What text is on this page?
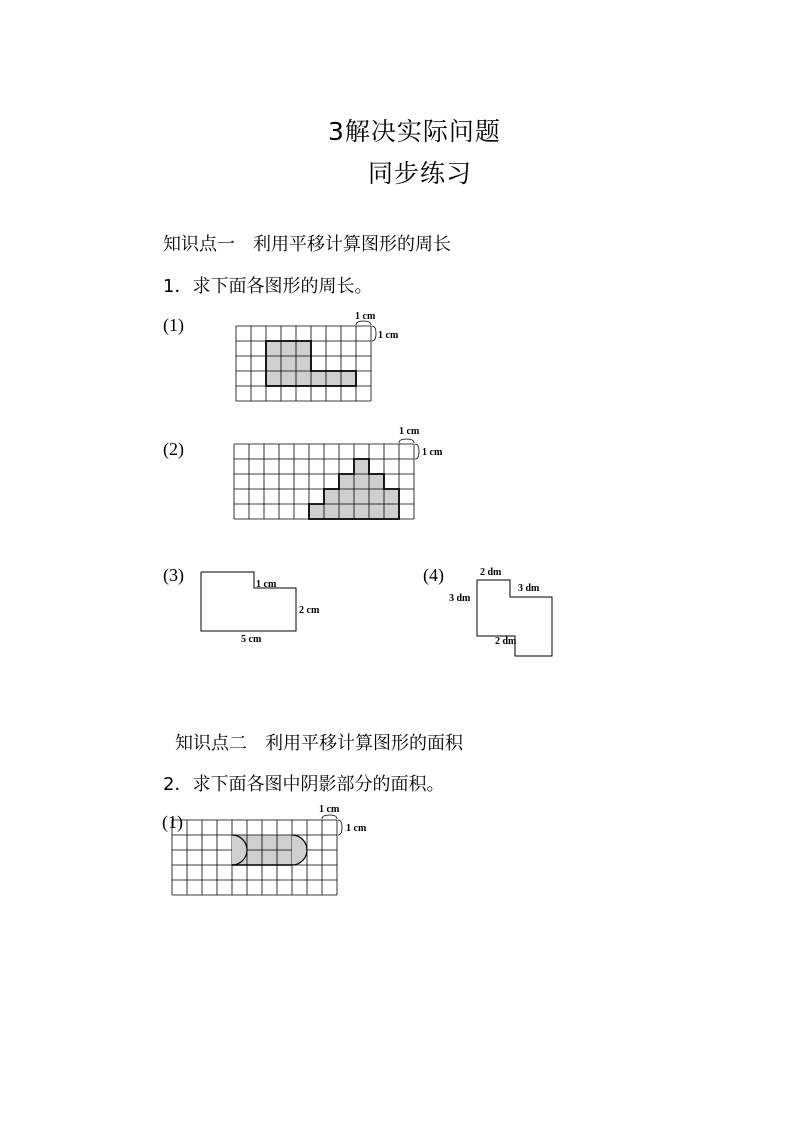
3解决实际问题
同步练习
知识点一　利用平移计算图形的周长
1．求下面各图形的周长。
(1)	1 cm
1 cm
(2)
1 cm
1 cm
(3)	1 cm
2 cm
5 cm
(4)	2 dm
3 dm
3 dm
2 dm
知识点二　利用平移计算图形的面积
2．求下面各图中阴影部分的面积。
1 cm
1 cm
(1)
